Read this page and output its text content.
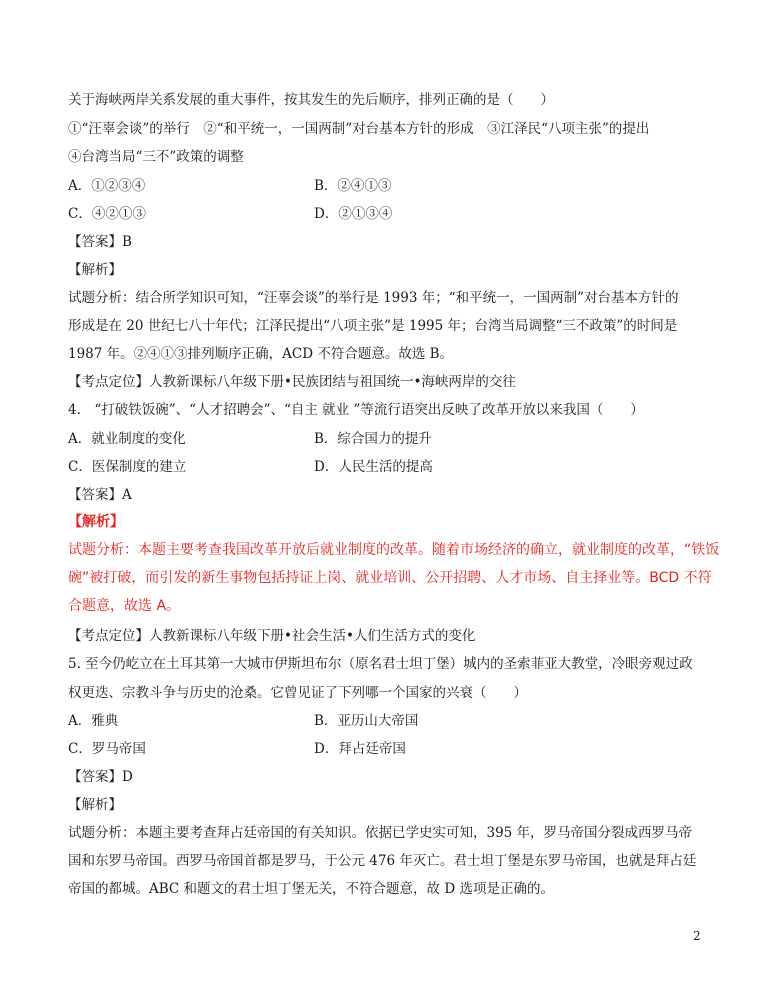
关于海峡两岸关系发展的重大事件，按其发生的先后顺序，排列正确的是（　　）
①“汪辜会谈”的举行　②“和平统一，一国两制”对台基本方针的形成　③江泽民“八项主张”的提出
④台湾当局“三不”政策的调整
A．①②③④	B．②④①③
C．④②①③	D．②①③④
【答案】B
【解析】
试题分析：结合所学知识可知，“汪辜会谈”的举行是 1993 年；“和平统一，一国两制”对台基本方针的
形成是在 20 世纪七八十年代；江泽民提出“八项主张”是 1995 年；台湾当局调整“三不政策”的时间是
1987 年。②④①③排列顺序正确，ACD 不符合题意。故选 B。
【考点定位】人教新课标八年级下册•民族团结与祖国统一•海峡两岸的交往
4.　“打破铁饭碗”、“人才招聘会”、“自主 就业 ”等流行语突出反映了改革开放以来我国（　　）
A．就业制度的变化	B．综合国力的提升
C．医保制度的建立	D．人民生活的提高
【答案】A
【解析】
试题分析：本题主要考查我国改革开放后就业制度的改革。随着市场经济的确立，就业制度的改革，“铁饭
碗”被打破，而引发的新生事物包括持证上岗、就业培训、公开招聘、人才市场、自主择业等。BCD 不符
合题意，故选 A。
【考点定位】人教新课标八年级下册•社会生活•人们生活方式的变化
5. 至今仍屹立在土耳其第一大城市伊斯坦布尔（原名君士坦丁堡）城内的圣索菲亚大教堂，冷眼旁观过政
权更迭、宗教斗争与历史的沧桑。它曾见证了下列哪一个国家的兴衰（　　）
A．雅典	B．亚历山大帝国
C．罗马帝国	D．拜占廷帝国
【答案】D
【解析】
试题分析：本题主要考查拜占廷帝国的有关知识。依据已学史实可知，395 年，罗马帝国分裂成西罗马帝
国和东罗马帝国。西罗马帝国首都是罗马，于公元 476 年灭亡。君士坦丁堡是东罗马帝国，也就是拜占廷
帝国的都城。ABC 和题文的君士坦丁堡无关，不符合题意，故 D 选项是正确的。
2
